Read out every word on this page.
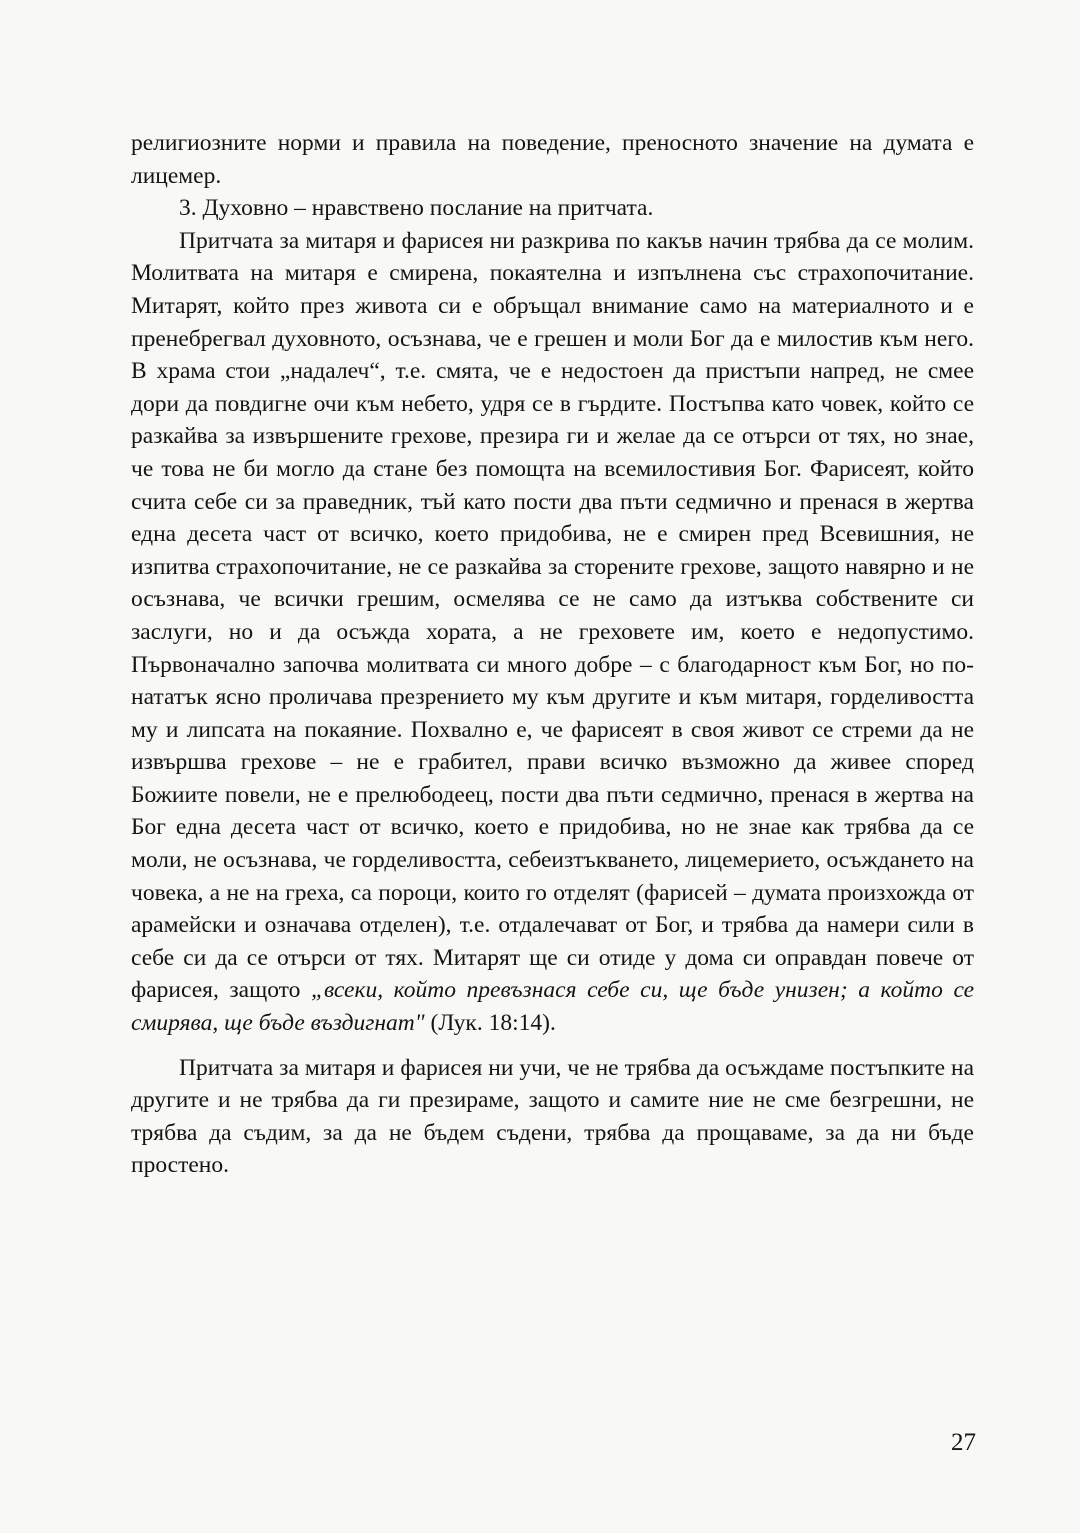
религиозните норми и правила на поведение, преносното значение на думата е лицемер.

3. Духовно – нравствено послание на притчата.

Притчата за митаря и фарисея ни разкрива по какъв начин трябва да се молим. Молитвата на митаря е смирена, покаятелна и изпълнена със страхопочитание. Митарят, който през живота си е обръщал внимание само на материалното и е пренебрегвал духовното, осъзнава, че е грешен и моли Бог да е милостив към него. В храма стои „надалеч“, т.е. смята, че е недостоен да пристъпи напред, не смее дори да повдигне очи към небето, удря се в гърдите. Постъпва като човек, който се разкайва за извършените грехове, презира ги и желае да се отърси от тях, но знае, че това не би могло да стане без помощта на всемилостивия Бог. Фарисеят, който счита себе си за праведник, тъй като пости два пъти седмично и пренася в жертва една десета част от всичко, което придобива, не е смирен пред Всевишния, не изпитва страхопочитание, не се разкайва за сторените грехове, защото навярно и не осъзнава, че всички грешим, осмелява се не само да изтъква собствените си заслуги, но и да осъжда хората, а не греховете им, което е недопустимо. Първоначално започва молитвата си много добре – с благодарност към Бог, но по-нататък ясно проличава презрението му към другите и към митаря, горделивостта му и липсата на покаяние. Похвално е, че фарисеят в своя живот се стреми да не извършва грехове – не е грабител, прави всичко възможно да живее според Божиите повели, не е прелюбодеец, пости два пъти седмично, пренася в жертва на Бог една десета част от всичко, което е придобива, но не знае как трябва да се моли, не осъзнава, че горделивостта, себеизтъкването, лицемерието, осъждането на човека, а не на греха, са пороци, които го отделят (фарисей – думата произхожда от арамейски и означава отделен), т.е. отдалечават от Бог, и трябва да намери сили в себе си да се отърси от тях. Митарят ще си отиде у дома си оправдан повече от фарисея, защото „всеки, който превъзнася себе си, ще бъде унизен; а който се смирява, ще бъде въздигнат" (Лук. 18:14).

Притчата за митаря и фарисея ни учи, че не трябва да осъждаме постъпките на другите и не трябва да ги презираме, защото и самите ние не сме безгрешни, не трябва да съдим, за да не бъдем съдени, трябва да прощаваме, за да ни бъде простено.

27
